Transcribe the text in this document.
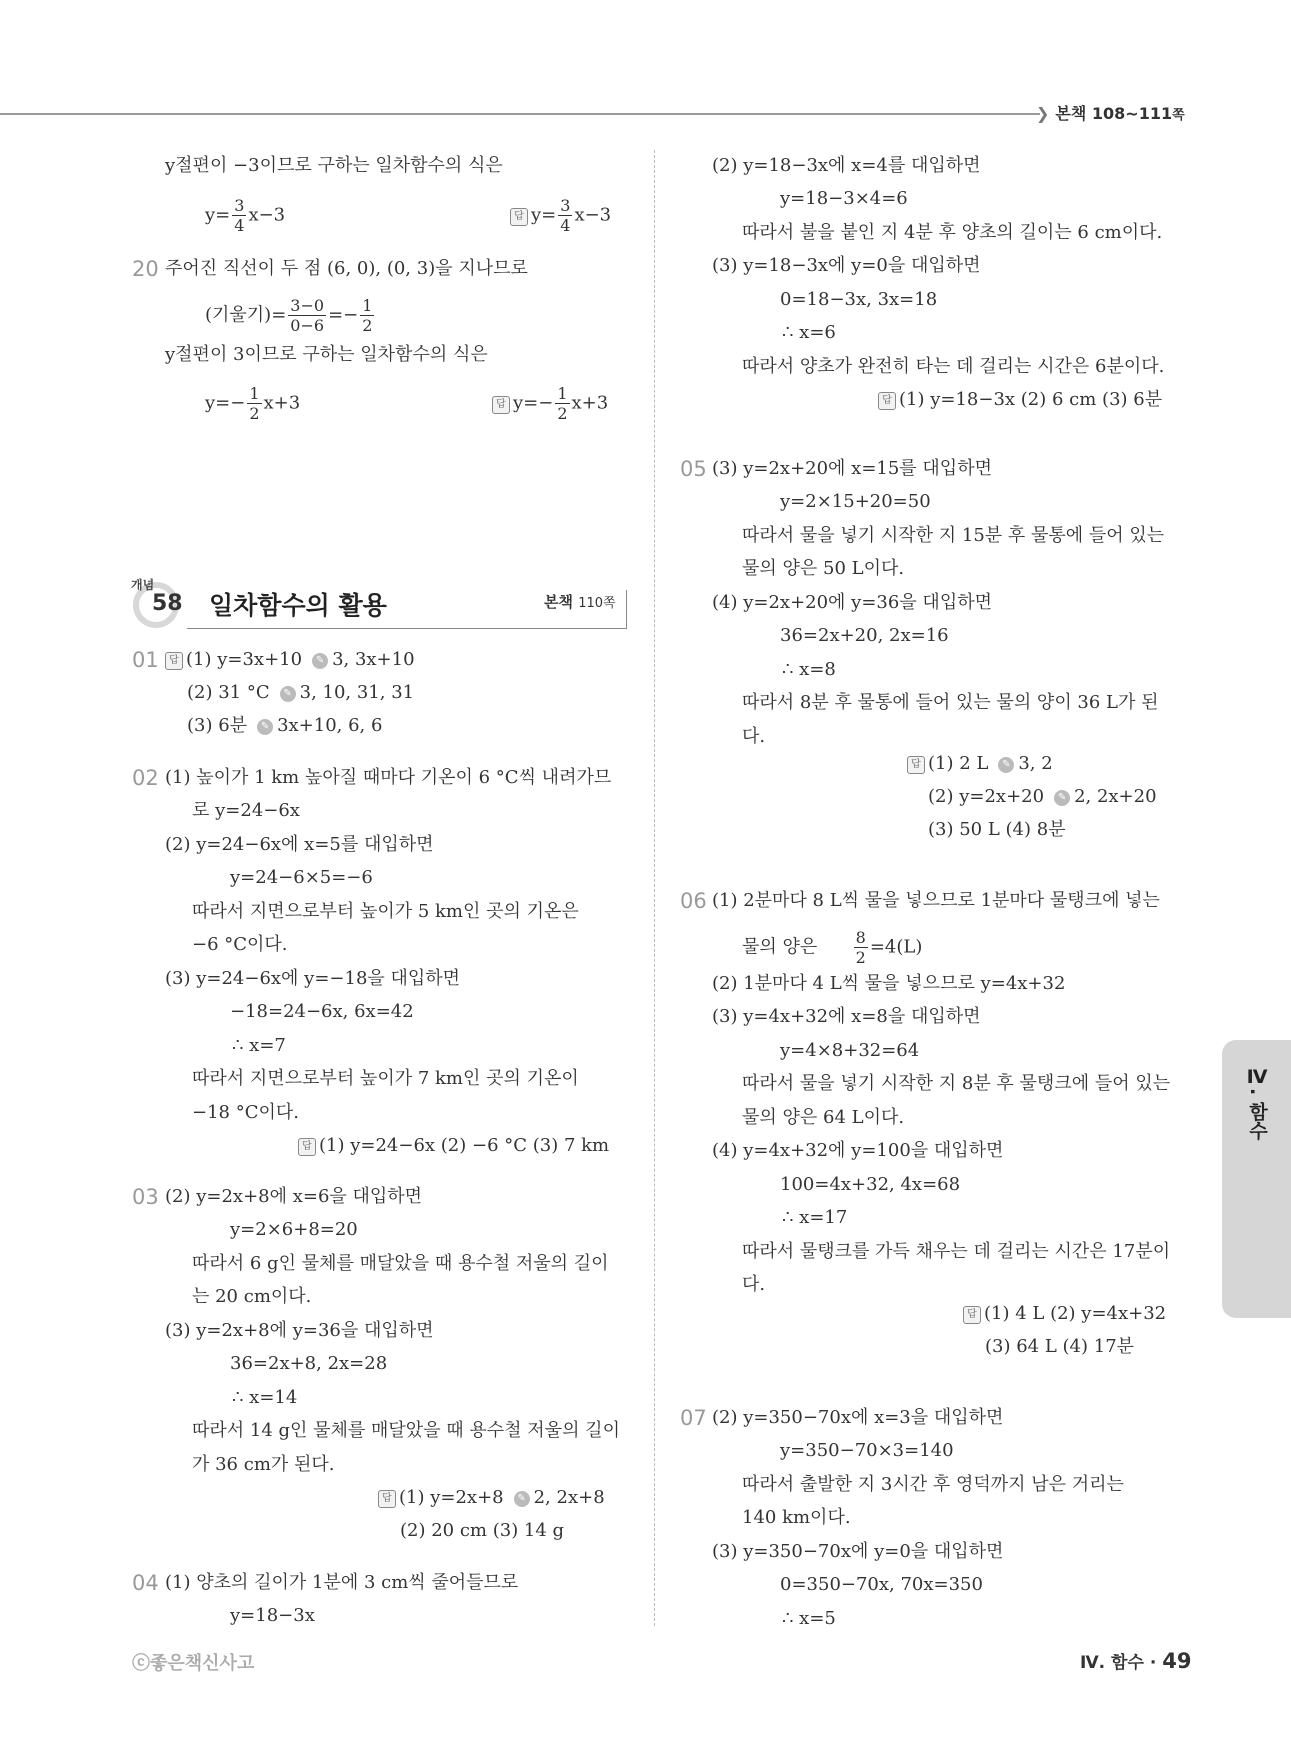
❯ 본책 108~111쪽
y절편이 −3이므로 구하는 일차함수의 식은
$y= \frac{3}{4} x-3$	답 $y= \frac{3}{4} x-3$
20 주어진 직선이 두 점 (6, 0), (0, 3)을 지나므로
(기울기)= $\frac{3-0}{0-6} =- \frac{1}{2}$
y절편이 3이므로 구하는 일차함수의 식은
$y=- \frac{1}{2} x+3$	답 $y=- \frac{1}{2} x+3$
개념
58 일차함수의 활용	본책 110쪽
01	답 (1) y=3x+10 ✎ 3, 3x+10
(2) 31 °C ✎ 3, 10, 31, 31
(3) 6분 ✎ 3x+10, 6, 6
02 (1) 높이가 1 km 높아질 때마다 기온이 6 °C씩 내려가므
로 y=24−6x
(2) y=24−6x에 x=5를 대입하면
y=24−6×5=−6
따라서 지면으로부터 높이가 5 km인 곳의 기온은
−6 °C이다.
(3) y=24−6x에 y=−18을 대입하면
−18=24−6x, 6x=42
∴ x=7
따라서 지면으로부터 높이가 7 km인 곳의 기온이
−18 °C이다.
답 (1) y=24−6x (2) −6 °C (3) 7 km
03 (2) y=2x+8에 x=6을 대입하면
y=2×6+8=20
따라서 6 g인 물체를 매달았을 때 용수철 저울의 길이
는 20 cm이다.
(3) y=2x+8에 y=36을 대입하면
36=2x+8, 2x=28
∴ x=14
따라서 14 g인 물체를 매달았을 때 용수철 저울의 길이
가 36 cm가 된다.
답 (1) y=2x+8 ✎ 2, 2x+8
(2) 20 cm (3) 14 g
04 (1) 양초의 길이가 1분에 3 cm씩 줄어들므로
y=18−3x
(2) y=18−3x에 x=4를 대입하면
y=18−3×4=6
따라서 불을 붙인 지 4분 후 양초의 길이는 6 cm이다.
(3) y=18−3x에 y=0을 대입하면
0=18−3x, 3x=18
∴ x=6
따라서 양초가 완전히 타는 데 걸리는 시간은 6분이다.
답 (1) y=18−3x (2) 6 cm (3) 6분
05 (3) y=2x+20에 x=15를 대입하면
y=2×15+20=50
따라서 물을 넣기 시작한 지 15분 후 물통에 들어 있는
물의 양은 50 L이다.
(4) y=2x+20에 y=36을 대입하면
36=2x+20, 2x=16
∴ x=8
따라서 8분 후 물통에 들어 있는 물의 양이 36 L가 된
다.
답 (1) 2 L ✎ 3, 2
(2) y=2x+20 ✎ 2, 2x+20
(3) 50 L (4) 8분
06 (1) 2분마다 8 L씩 물을 넣으므로 1분마다 물탱크에 넣는
물의 양은 $\frac{8}{2} =4(L)$
(2) 1분마다 4 L씩 물을 넣으므로 y=4x+32
(3) y=4x+32에 x=8을 대입하면
y=4×8+32=64
따라서 물을 넣기 시작한 지 8분 후 물탱크에 들어 있는
물의 양은 64 L이다.
(4) y=4x+32에 y=100을 대입하면
100=4x+32, 4x=68
∴ x=17
따라서 물탱크를 가득 채우는 데 걸리는 시간은 17분이
다.
답 (1) 4 L (2) y=4x+32
(3) 64 L (4) 17분
07 (2) y=350−70x에 x=3을 대입하면
y=350−70×3=140
따라서 출발한 지 3시간 후 영덕까지 남은 거리는
140 km이다.
(3) y=350−70x에 y=0을 대입하면
0=350−70x, 70x=350
∴ x=5
Ⅳ. 함수
ⓒ좋은책신사고	Ⅳ. 함수 · 49
